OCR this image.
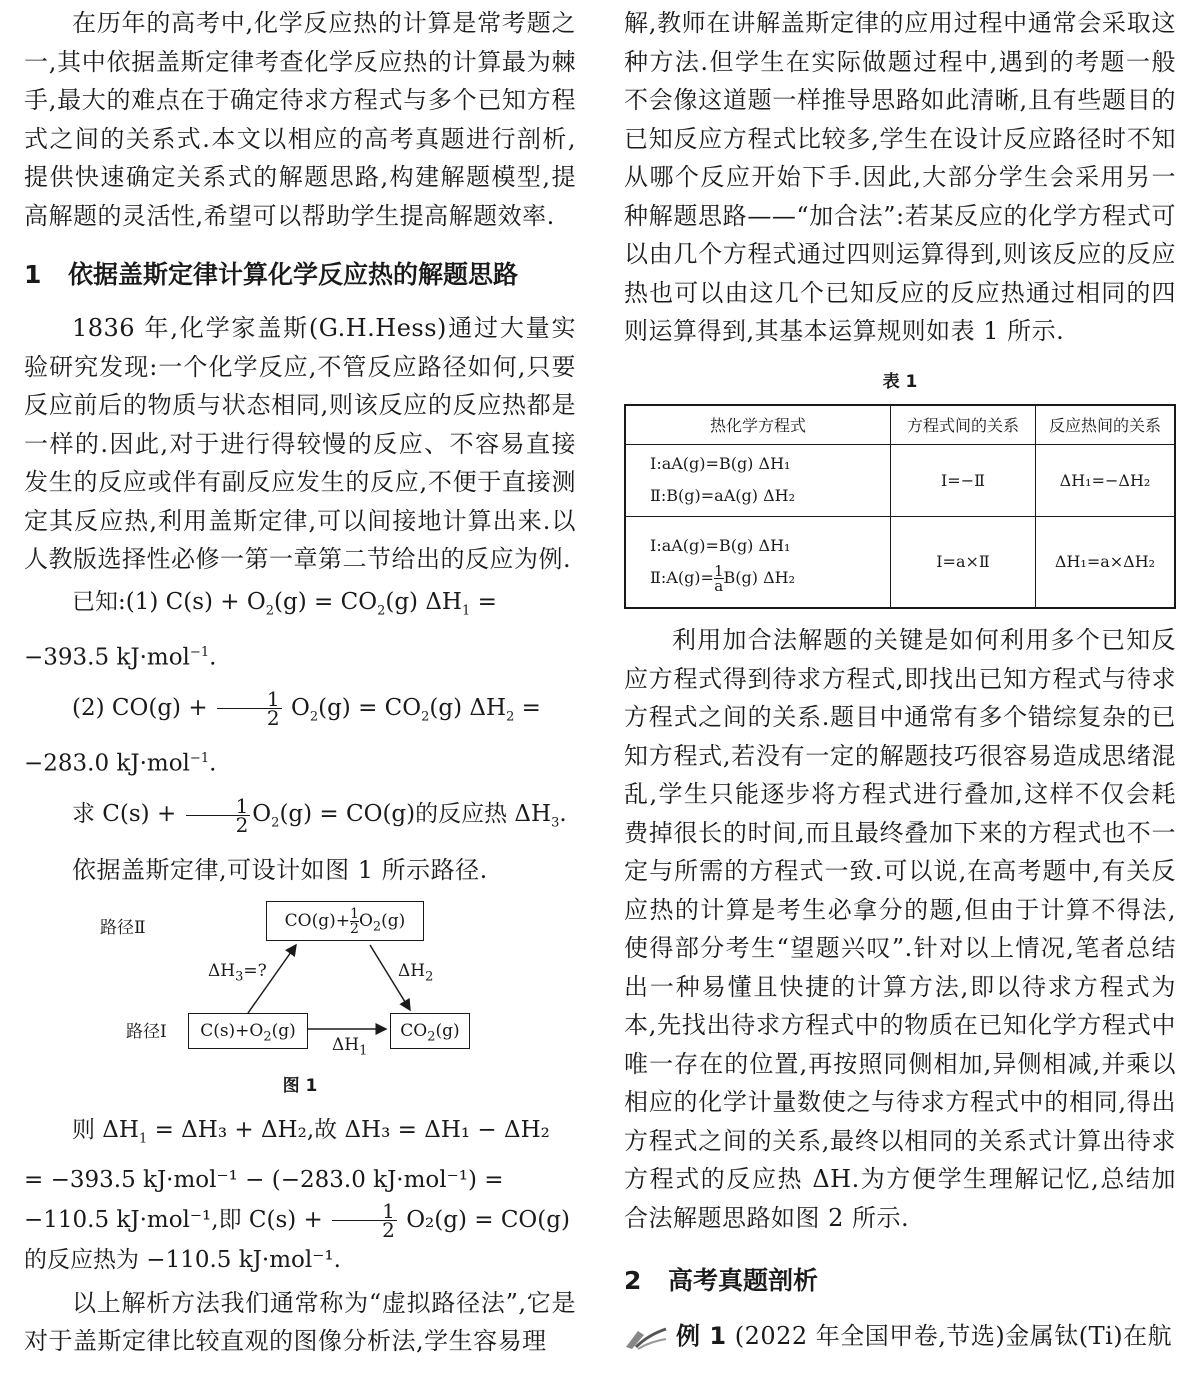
在历年的高考中,化学反应热的计算是常考题之一,其中依据盖斯定律考查化学反应热的计算最为棘手,最大的难点在于确定待求方程式与多个已知方程式之间的关系式.本文以相应的高考真题进行剖析,提供快速确定关系式的解题思路,构建解题模型,提高解题的灵活性,希望可以帮助学生提高解题效率.

1 依据盖斯定律计算化学反应热的解题思路

1836 年,化学家盖斯(G.H.Hess)通过大量实验研究发现:一个化学反应,不管反应路径如何,只要反应前后的物质与状态相同,则该反应的反应热都是一样的.因此,对于进行得较慢的反应、不容易直接发生的反应或伴有副反应发生的反应,不便于直接测定其反应热,利用盖斯定律,可以间接地计算出来.以人教版选择性必修一第一章第二节给出的反应为例.

已知:(1) $C(s) + O_2(g) = CO_2(g) \Delta H_1 = -393.5$ kJ·mol$^{-1}$.

(2) $CO(g) + \frac{1}{2} O_2(g) = CO_2(g) \Delta H_2 = -283.0$ kJ·mol$^{-1}$.

求 $C(s) + \frac{1}{2} O_2(g) = CO(g)$的反应热 $\Delta H_3$.

依据盖斯定律,可设计如图 1 所示路径.

图 1

则 $\Delta H_1 = \Delta H_3 + \Delta H_2$,故 ΔH₃ = ΔH₁ − ΔH₂ = −393.5 kJ·mol⁻¹ − (−283.0 kJ·mol⁻¹) = −110.5 kJ·mol⁻¹,即 $C(s) + \frac{1}{2} O_2(g) = CO(g)$的反应热为 −110.5 kJ·mol⁻¹.

以上解析方法我们通常称为“虚拟路径法”,它是对于盖斯定律比较直观的图像分析法,学生容易理

路径Ⅱ	$CO(g)+ \frac{1}{2} O_2(g)$
$\Delta H_3=$?	$\Delta H_2$
路径Ⅰ	$C(s)+O_2(g)$	$CO_2(g)$
$\Delta H_1$

解,教师在讲解盖斯定律的应用过程中通常会采取这种方法.但学生在实际做题过程中,遇到的考题一般不会像这道题一样推导思路如此清晰,且有些题目的已知反应方程式比较多,学生在设计反应路径时不知从哪个反应开始下手.因此,大部分学生会采用另一种解题思路——“加合法”:若某反应的化学方程式可以由几个方程式通过四则运算得到,则该反应的反应热也可以由这几个已知反应的反应热通过相同的四则运算得到,其基本运算规则如表 1 所示.

表 1

热化学方程式	方程式间的关系	反应热间的关系

Ⅰ:aA(g)=B(g) ΔH₁
Ⅱ:B(g)=aA(g) ΔH₂	Ⅰ=−Ⅱ	ΔH₁=−ΔH₂

Ⅰ:aA(g)=B(g) ΔH₁
Ⅱ:A(g)= $\frac{1}{a} B(g)$ ΔH₂	Ⅰ=a×Ⅱ	ΔH₁=a×ΔH₂

利用加合法解题的关键是如何利用多个已知反应方程式得到待求方程式,即找出已知方程式与待求方程式之间的关系.题目中通常有多个错综复杂的已知方程式,若没有一定的解题技巧很容易造成思绪混乱,学生只能逐步将方程式进行叠加,这样不仅会耗费掉很长的时间,而且最终叠加下来的方程式也不一定与所需的方程式一致.可以说,在高考题中,有关反应热的计算是考生必拿分的题,但由于计算不得法,使得部分考生“望题兴叹”.针对以上情况,笔者总结出一种易懂且快捷的计算方法,即以待求方程式为本,先找出待求方程式中的物质在已知化学方程式中唯一存在的位置,再按照同侧相加,异侧相减,并乘以相应的化学计量数使之与待求方程式中的相同,得出方程式之间的关系,最终以相同的关系式计算出待求方程式的反应热 ΔH.为方便学生理解记忆,总结加合法解题思路如图 2 所示.

2 高考真题剖析

例 1 (2022 年全国甲卷,节选)金属钛(Ti)在航
